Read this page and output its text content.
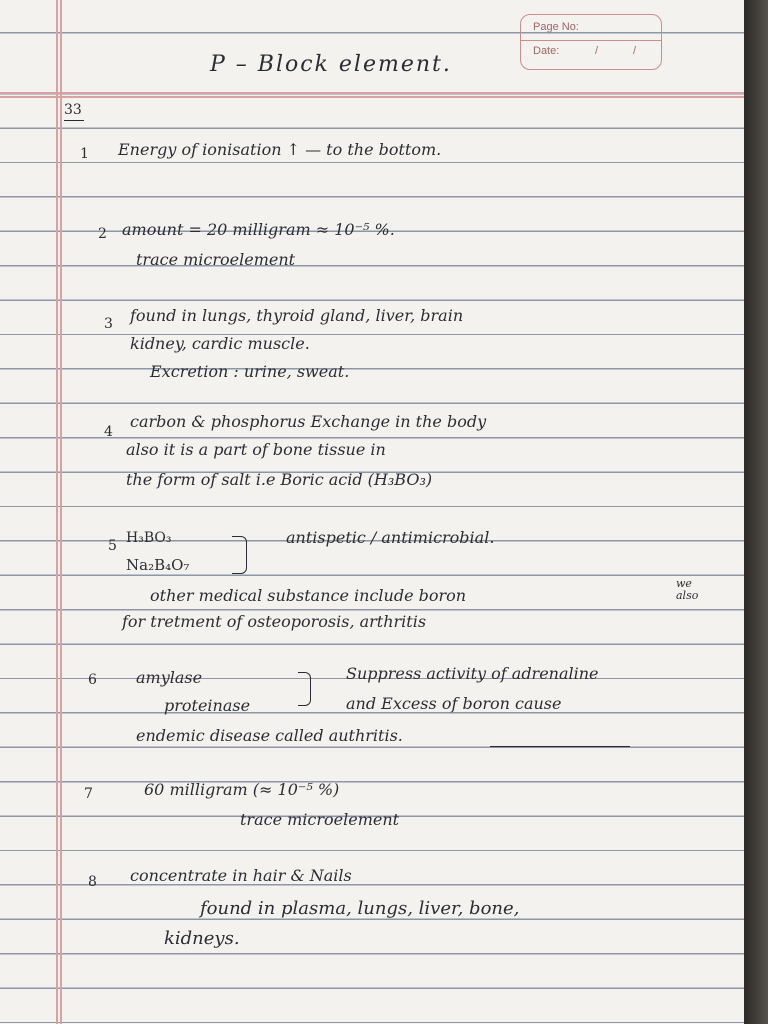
Page No:
Date:	/	/
P – Block element.
33
1 Energy of ionisation ↑ — to the bottom.
2 amount = 20 milligram ≈ 10⁻⁵ %.
trace microelement
3 found in lungs, thyroid gland, liver, brain
kidney, cardic muscle.
Excretion : urine, sweat.
4
carbon & phosphorus Exchange in the body
also it is a part of bone tissue in
the form of salt i.e Boric acid (H₃BO₃)
5 H₃BO₃
Na₂B₄O₇
antispetic / antimicrobial.
other medical substance include boron
we also
for tretment of osteoporosis, arthritis
6 amylase
proteinase
Suppress activity of adrenaline
and Excess of boron cause
endemic disease called authritis.
7	60 milligram (≈ 10⁻⁵ %)
trace microelement
8 concentrate in hair & Nails
found in plasma, lungs, liver, bone,
kidneys.
